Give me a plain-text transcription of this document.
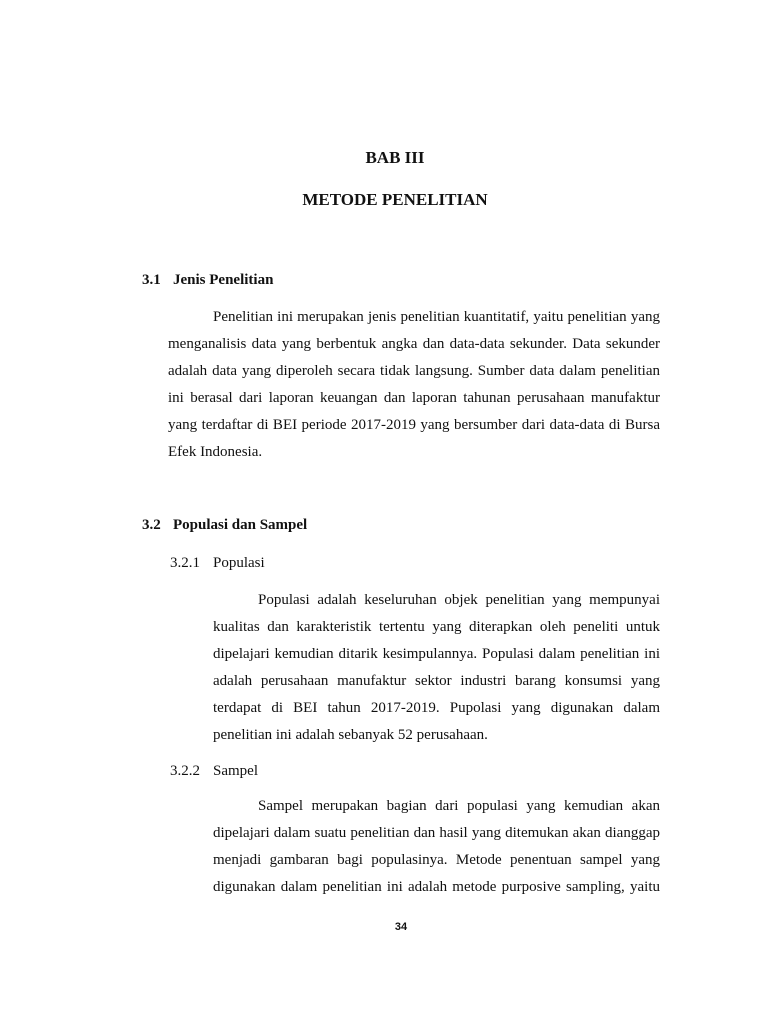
BAB III
METODE PENELITIAN
3.1 Jenis Penelitian
Penelitian ini merupakan jenis penelitian kuantitatif, yaitu penelitian yang
menganalisis data yang berbentuk angka dan data-data sekunder. Data sekunder
adalah data yang diperoleh secara tidak langsung. Sumber data dalam penelitian
ini berasal dari laporan keuangan dan laporan tahunan perusahaan manufaktur
yang terdaftar di BEI periode 2017-2019 yang bersumber dari data-data di Bursa
Efek Indonesia.
3.2 Populasi dan Sampel
3.2.1 Populasi
Populasi adalah keseluruhan objek penelitian yang mempunyai
kualitas dan karakteristik tertentu yang diterapkan oleh peneliti untuk
dipelajari kemudian ditarik kesimpulannya. Populasi dalam penelitian ini
adalah perusahaan manufaktur sektor industri barang konsumsi yang
terdapat di BEI tahun 2017-2019. Pupolasi yang digunakan dalam
penelitian ini adalah sebanyak 52 perusahaan.
3.2.2 Sampel
Sampel merupakan bagian dari populasi yang kemudian akan
dipelajari dalam suatu penelitian dan hasil yang ditemukan akan dianggap
menjadi gambaran bagi populasinya. Metode penentuan sampel yang
digunakan dalam penelitian ini adalah metode purposive sampling, yaitu
34
